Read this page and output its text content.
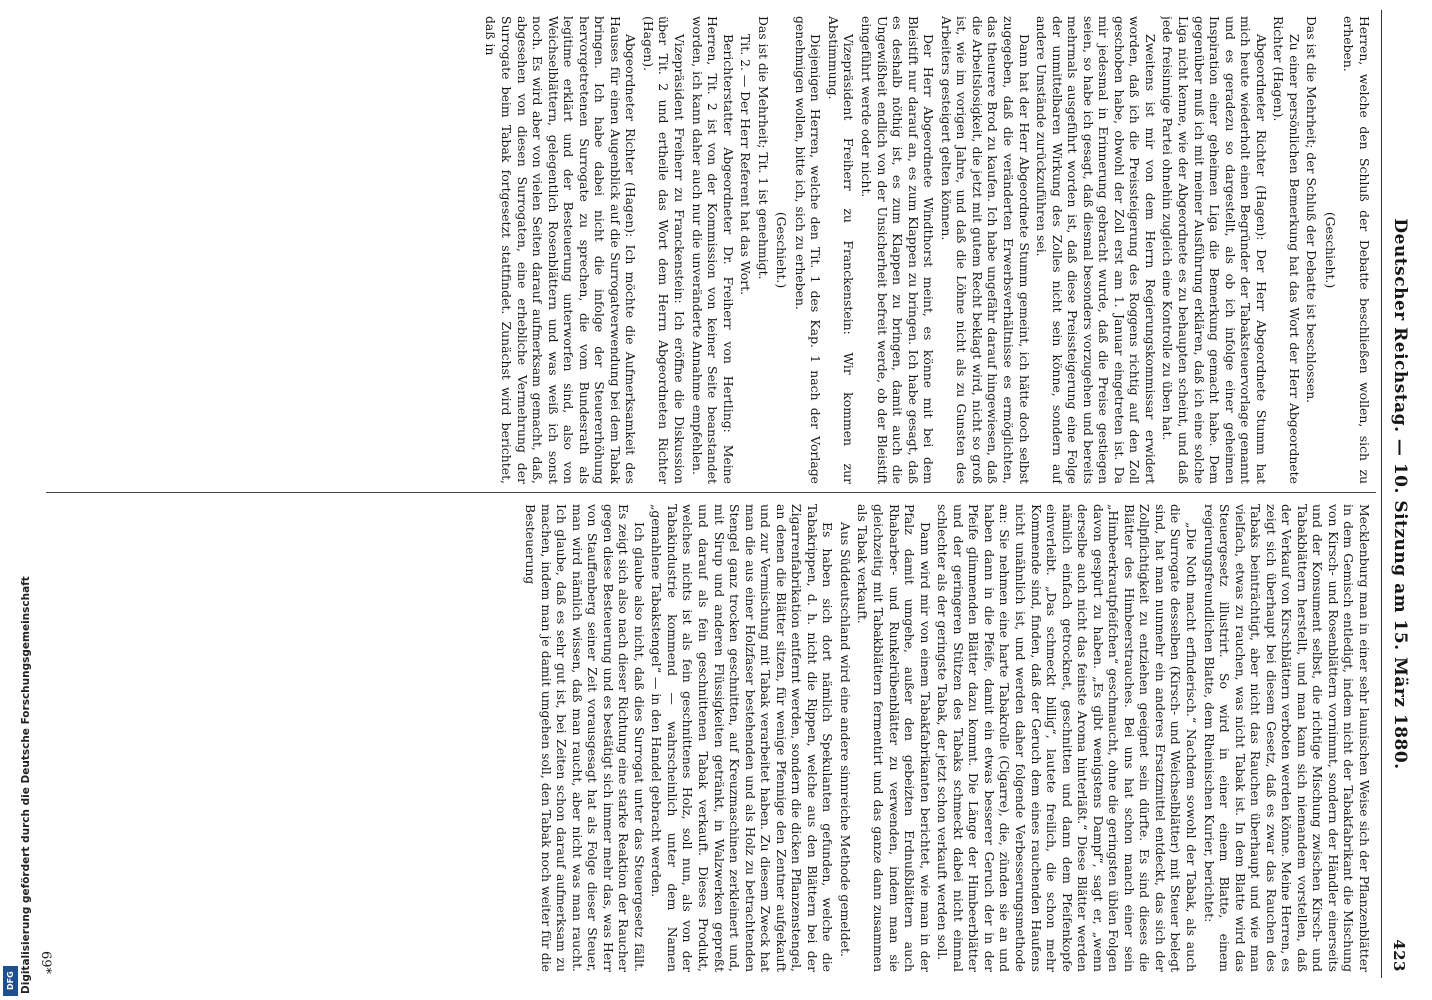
Deutscher Reichstag. — 10. Sitzung am 15. März 1880.
423

Herren, welche den Schluß der Debatte beschließen wollen, sich zu erheben.

(Geschieht.)

Das ist die Mehrheit; der Schluß der Debatte ist beschlossen.

Zu einer persönlichen Bemerkung hat das Wort der Herr Abgeordnete Richter (Hagen).

Abgeordneter Richter (Hagen): Der Herr Abgeordnete Stumm hat mich heute wiederholt einen Begründer der Tabaksteuervorlage genannt und es geradezu so dargestellt, als ob ich infolge einer geheimen Inspiration einer geheimen Liga die Bemerkung gemacht habe. Dem gegenüber muß ich mit meiner Ausführung erklären, daß ich eine solche Liga nicht kenne, wie der Abgeordnete es zu behaupten scheint, und daß jede freisinnige Partei ohnehin zugleich eine Kontrolle zu üben hat.

Zweitens ist mir von dem Herrn Regierungskommissar erwidert worden, daß ich die Preissteigerung des Roggens richtig auf den Zoll geschoben habe, obwohl der Zoll erst am 1. Januar eingetreten ist. Da mir jedesmal in Erinnerung gebracht wurde, daß die Preise gestiegen seien, so habe ich gesagt, daß diesmal besonders vorzugehen und bereits mehrmals ausgeführt worden ist, daß diese Preissteigerung eine Folge der unmittelbaren Wirkung des Zolles nicht sein könne, sondern auf andere Umstände zurückzuführen sei.

Dann hat der Herr Abgeordnete Stumm gemeint, ich hätte doch selbst zugegeben, daß die veränderten Erwerbsverhältnisse es ermöglichten, das theurere Brod zu kaufen. Ich habe ungefähr darauf hingewiesen, daß die Arbeitslosigkeit, die jetzt mit gutem Recht beklagt wird, nicht so groß ist, wie im vorigen Jahre, und daß die Löhne nicht als zu Gunsten des Arbeiters gesteigert gelten können.

Der Herr Abgeordnete Windthorst meint, es könne mit bei dem Bleistift nur darauf an, es zum Klappen zu bringen. Ich habe gesagt, daß es deshalb nöthig ist, es zum Klappen zu bringen, damit auch die Ungewißheit endlich von der Unsicherheit befreit werde, ob der Bleistift eingeführt werde oder nicht.

Vizepräsident Freiherr zu Franckenstein: Wir kommen zur Abstimmung.

Diejenigen Herren, welche den Tit. 1 des Kap. 1 nach der Vorlage genehmigen wollen, bitte ich, sich zu erheben.

(Geschieht.)

Das ist die Mehrheit; Tit. 1 ist genehmigt.

Tit. 2. — Der Herr Referent hat das Wort.

Berichterstatter Abgeordneter Dr. Freiherr von Hertling: Meine Herren, Tit. 2 ist von der Kommission von keiner Seite beanstandet worden, ich kann daher auch nur die unveränderte Annahme empfehlen.

Vizepräsident Freiherr zu Franckenstein: Ich eröffne die Diskussion über Tit. 2 und ertheile das Wort dem Herrn Abgeordneten Richter (Hagen).

Abgeordneter Richter (Hagen): Ich möchte die Aufmerksamkeit des Hauses für einen Augenblick auf die Surrogatverwendung bei dem Tabak bringen. Ich habe dabei nicht die infolge der Steuererhöhung hervorgetretenen Surrogate zu sprechen, die vom Bundesrath als legitime erklärt und der Besteuerung unterworfen sind, also von Weichselblättern, gelegentlich Rosenblättern und was weiß ich sonst noch. Es wird aber von vielen Seiten darauf aufmerksam gemacht, daß, abgesehen von diesen Surrogaten, eine erhebliche Vermehrung der Surrogate beim Tabak fortgesetzt stattfindet. Zunächst wird berichtet, daß in

Mecklenburg man in einer sehr launischen Weise sich der Pflanzenblätter in dem Gemisch entledigt, indem nicht der Tabakfabrikant die Mischung von Kirsch- und Rosenblättern vornimmt, sondern der Händler einerseits und der Konsument selbst, die richtige Mischung zwischen Kirsch- und Tabakblättern herstellt, und man kann sich niemandem vorstellen, daß der Verkauf von Kirschblättern verboten werden könne. Meine Herren, es zeigt sich überhaupt bei diesem Gesetz, daß es zwar das Rauchen des Tabaks beinträchtigt, aber nicht das Rauchen überhaupt und wie man vielfach, etwas zu rauchen, was nicht Tabak ist. In dem Blatte wird das Steuergesetz illustrirt. So wird in einer einem Blatte, einem regierungsfreundlichen Blatte, dem Rheinischen Kurier, berichtet:

„Die Noth macht erfinderisch.“ Nachdem sowohl der Tabak, als auch die Surrogate desselben (Kirsch- und Weichselblätter) mit Steuer belegt sind, hat man nunmehr ein anderes Ersatzmittel entdeckt, das sich der Zollpflichtigkeit zu entziehen geeignet sein dürfte. Es sind dieses die Blätter des Himbeerstrauches. Bei uns hat schon manch einer sein „Himbeerkrautpfeifchen“ geschmaucht, ohne die geringsten üblen Folgen davon gespürt zu haben. „Es gibt wenigstens Dampf“, sagt er, „wenn derselbe auch nicht das feinste Aroma hinterläßt.“ Diese Blätter werden nämlich einfach getrocknet, geschnitten und dann dem Pfeifenkopfe einverleibt. „Das schmeckt billig“, lautete freilich, die schon mehr Kommende sind, finden, daß der Geruch dem eines rauchenden Haufens nicht unähnlich ist, und werden daher folgende Verbesserungsmethode an: Sie nehmen eine harte Tabakrolle (Cigarre), die, zünden sie an und haben dann in die Pfeife, damit ein etwas besserer Geruch der in der Pfeife glimmenden Blätter dazu kommt. Die Länge der Himbeerblätter und der geringeren Stützen des Tabaks schmeckt dabei nicht einmal schlechter als der geringste Tabak, der jetzt schon verkauft werden soll.

Dann wird mir von einem Tabakfabrikanten berichtet, wie man in der Pfalz damit umgehe, außer den gebeizten Erdnußblättern auch Rhabarber- und Runkelrübenblätter zu verwenden, indem man sie gleichzeitig mit Tabakblättern fermentirt und das ganze dann zusammen als Tabak verkauft.

Aus Süddeutschland wird eine andere sinnreiche Methode gemeldet.

Es haben sich dort nämlich Spekulanten gefunden, welche die Tabakrippen, d. h. nicht die Rippen, welche aus den Blättern bei der Zigarrenfabrikation entfernt werden, sondern die dicken Pflanzenstengel, an denen die Blätter sitzen, für wenige Pfennige den Zentner aufgekauft und zur Vermischung mit Tabak verarbeitet haben. Zu diesem Zweck hat man die aus einer Holzfaser bestehenden und als Holz zu betrachtenden Stengel ganz trocken geschnitten, auf Kreuzmaschinen zerkleinert und, mit Sirup und anderen Flüssigkeiten getränkt, in Walzwerken gepreßt und darauf als fein geschnittenen Tabak verkauft. Dieses Produkt, welches nichts ist als fein geschnittenes Holz, soll nun, als von der Tabakindustrie kommend — wahrscheinlich unter dem Namen „gemahlene Tabakstengel“ — in den Handel gebracht werden.

Ich glaube also nicht, daß dies Surrogat unter das Steuergesetz fällt. Es zeigt sich also nach dieser Richtung eine starke Reaktion der Raucher gegen diese Besteuerung und es bestätigt sich immer mehr das, was Herr von Stauffenberg seiner Zeit vorausgesagt hat als Folge dieser Steuer, man wird nämlich wissen, daß man raucht, aber nicht was man raucht. Ich glaube, daß es sehr gut ist, bei Zeiten schon darauf aufmerksam zu machen, indem man je damit umgehen soll, den Tabak noch weiter für die Besteuerung

69*
Digitalisierung gefördert durch die Deutsche Forschungsgemeinschaft
DFG
